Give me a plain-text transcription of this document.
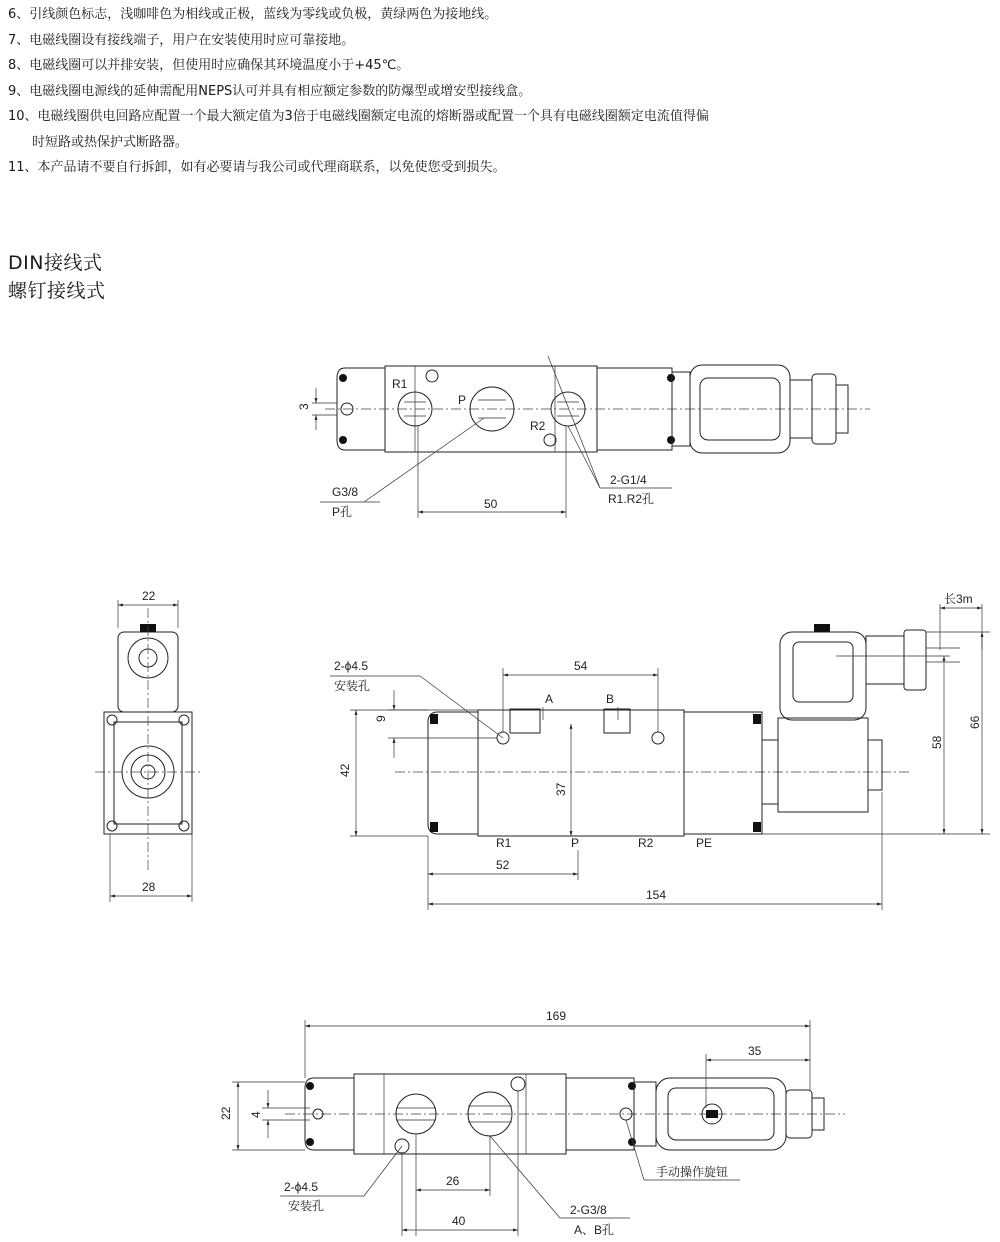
6、引线颜色标志，浅咖啡色为相线或正极，蓝线为零线或负极，黄绿两色为接地线。
7、电磁线圈设有接线端子，用户在安装使用时应可靠接地。
8、电磁线圈可以并排安装，但使用时应确保其环境温度小于+45℃。
9、电磁线圈电源线的延伸需配用NEPS认可并具有相应额定参数的防爆型或增安型接线盒。
10、电磁线圈供电回路应配置一个最大额定值为3倍于电磁线圈额定电流的熔断器或配置一个具有电磁线圈额定电流值得偏
时短路或热保护式断路器。
11、本产品请不要自行拆卸，如有必要请与我公司或代理商联系，以免使您受到损失。
DIN接线式
螺钉接线式
R1
P
R2
3
50
G3/8
P孔
2-G1/4
R1.R2孔
22
28
54
2-ϕ4.5
安装孔
A	B
9
42
37
R1	P	R2	PE
52
154
58
66
长3m
169
35
22 4
2-ϕ4.5
安装孔
26
40
手动操作旋钮
2-G3/8
A、B孔
